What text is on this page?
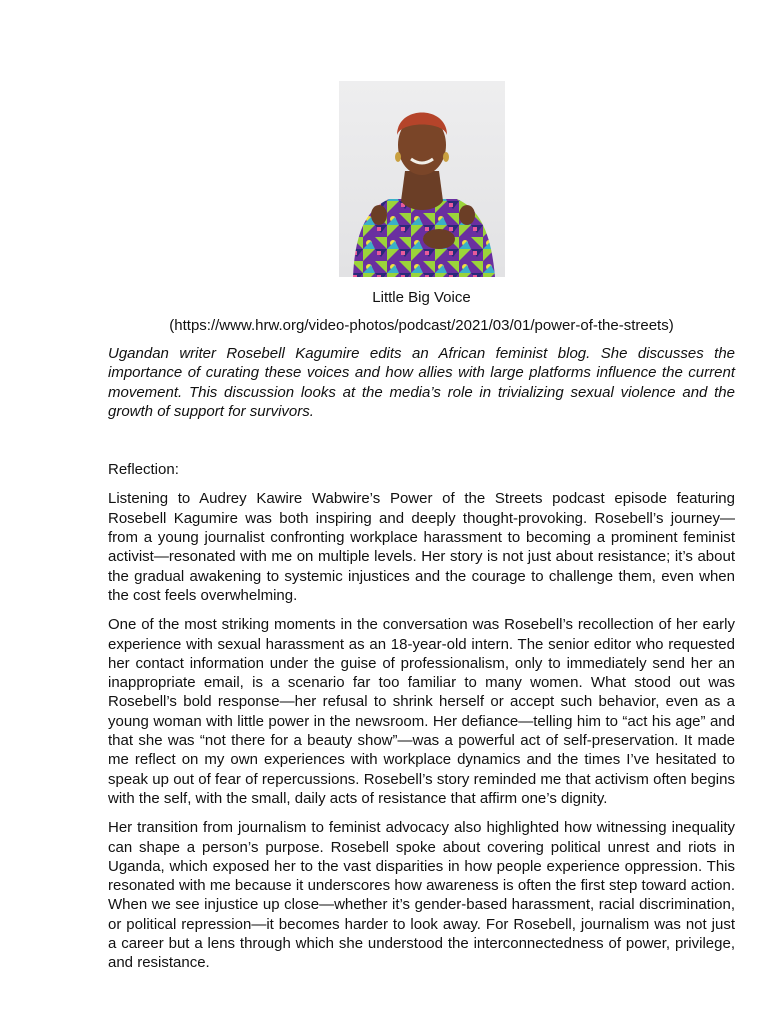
Little Big Voice
(https://www.hrw.org/video-photos/podcast/2021/03/01/power-of-the-streets)

Ugandan writer Rosebell Kagumire edits an African feminist blog. She discusses the importance of curating these voices and how allies with large platforms influence the current movement. This discussion looks at the media’s role in trivializing sexual violence and the growth of support for survivors.

Reflection:

Listening to Audrey Kawire Wabwire’s Power of the Streets podcast episode featuring Rosebell Kagumire was both inspiring and deeply thought-provoking. Rosebell’s journey—from a young journalist confronting workplace harassment to becoming a prominent feminist activist—resonated with me on multiple levels. Her story is not just about resistance; it’s about the gradual awakening to systemic injustices and the courage to challenge them, even when the cost feels overwhelming.

One of the most striking moments in the conversation was Rosebell’s recollection of her early experience with sexual harassment as an 18-year-old intern. The senior editor who requested her contact information under the guise of professionalism, only to immediately send her an inappropriate email, is a scenario far too familiar to many women. What stood out was Rosebell’s bold response—her refusal to shrink herself or accept such behavior, even as a young woman with little power in the newsroom. Her defiance—telling him to “act his age” and that she was “not there for a beauty show”—was a powerful act of self-preservation. It made me reflect on my own experiences with workplace dynamics and the times I’ve hesitated to speak up out of fear of repercussions. Rosebell’s story reminded me that activism often begins with the self, with the small, daily acts of resistance that affirm one’s dignity.

Her transition from journalism to feminist advocacy also highlighted how witnessing inequality can shape a person’s purpose. Rosebell spoke about covering political unrest and riots in Uganda, which exposed her to the vast disparities in how people experience oppression. This resonated with me because it underscores how awareness is often the first step toward action. When we see injustice up close—whether it’s gender-based harassment, racial discrimination, or political repression—it becomes harder to look away. For Rosebell, journalism was not just a career but a lens through which she understood the interconnectedness of power, privilege, and resistance.
